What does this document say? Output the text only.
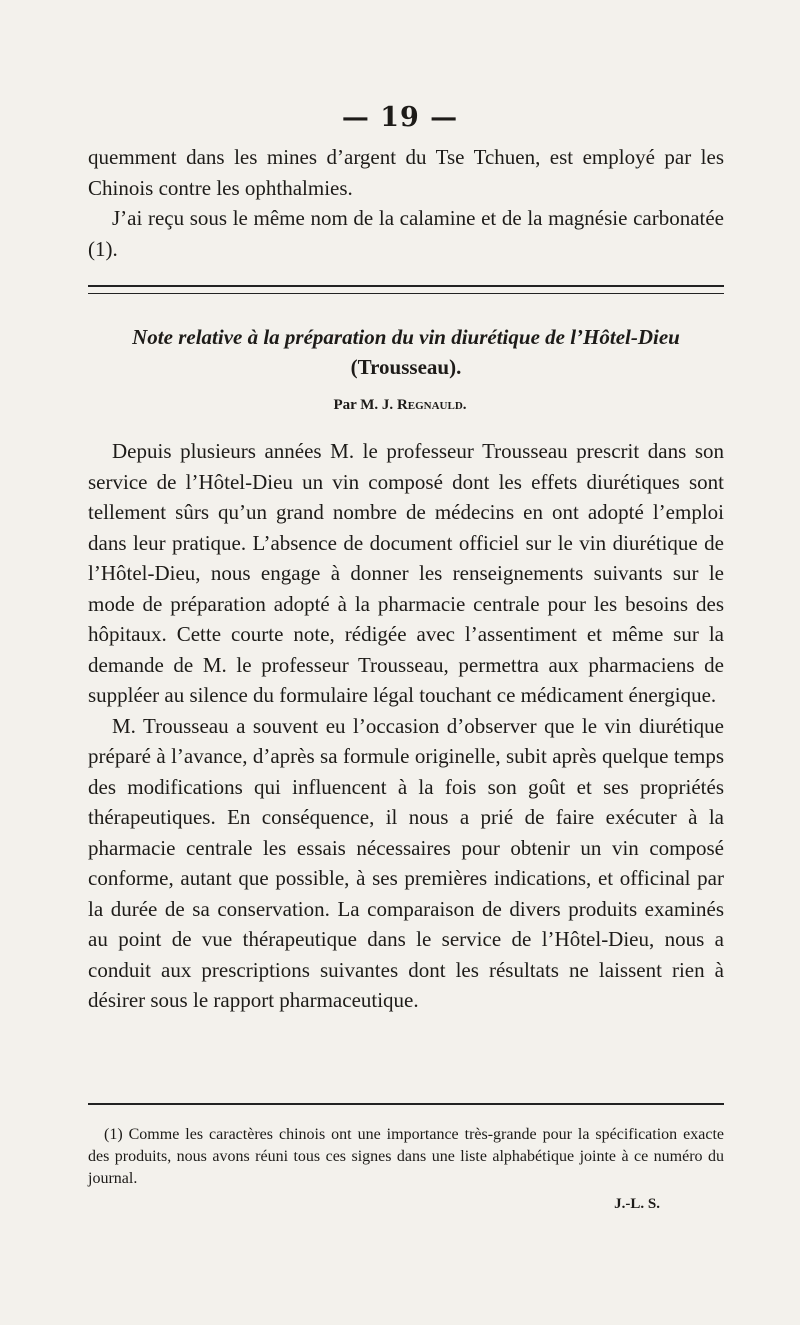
— 19 —

quemment dans les mines d’argent du Tse Tchuen, est employé par les Chinois contre les ophthalmies.

J’ai reçu sous le même nom de la calamine et de la magnésie carbonatée (1).

Note relative à la préparation du vin diurétique de l’Hôtel-Dieu
(Trousseau).
Par M. J. Regnauld.

Depuis plusieurs années M. le professeur Trousseau prescrit dans son service de l’Hôtel-Dieu un vin composé dont les effets diurétiques sont tellement sûrs qu’un grand nombre de médecins en ont adopté l’emploi dans leur pratique. L’absence de document officiel sur le vin diurétique de l’Hôtel-Dieu, nous engage à donner les renseignements suivants sur le mode de préparation adopté à la pharmacie centrale pour les besoins des hôpitaux. Cette courte note, rédigée avec l’assentiment et même sur la demande de M. le professeur Trousseau, permettra aux pharmaciens de suppléer au silence du formulaire légal touchant ce médicament énergique.

M. Trousseau a souvent eu l’occasion d’observer que le vin diurétique préparé à l’avance, d’après sa formule originelle, subit après quelque temps des modifications qui influencent à la fois son goût et ses propriétés thérapeutiques. En conséquence, il nous a prié de faire exécuter à la pharmacie centrale les essais nécessaires pour obtenir un vin composé conforme, autant que possible, à ses premières indications, et officinal par la durée de sa conservation. La comparaison de divers produits examinés au point de vue thérapeutique dans le service de l’Hôtel-Dieu, nous a conduit aux prescriptions suivantes dont les résultats ne laissent rien à désirer sous le rapport pharmaceutique.

(1) Comme les caractères chinois ont une importance très-grande pour la spécification exacte des produits, nous avons réuni tous ces signes dans une liste alphabétique jointe à ce numéro du journal.

J.-L. S.
